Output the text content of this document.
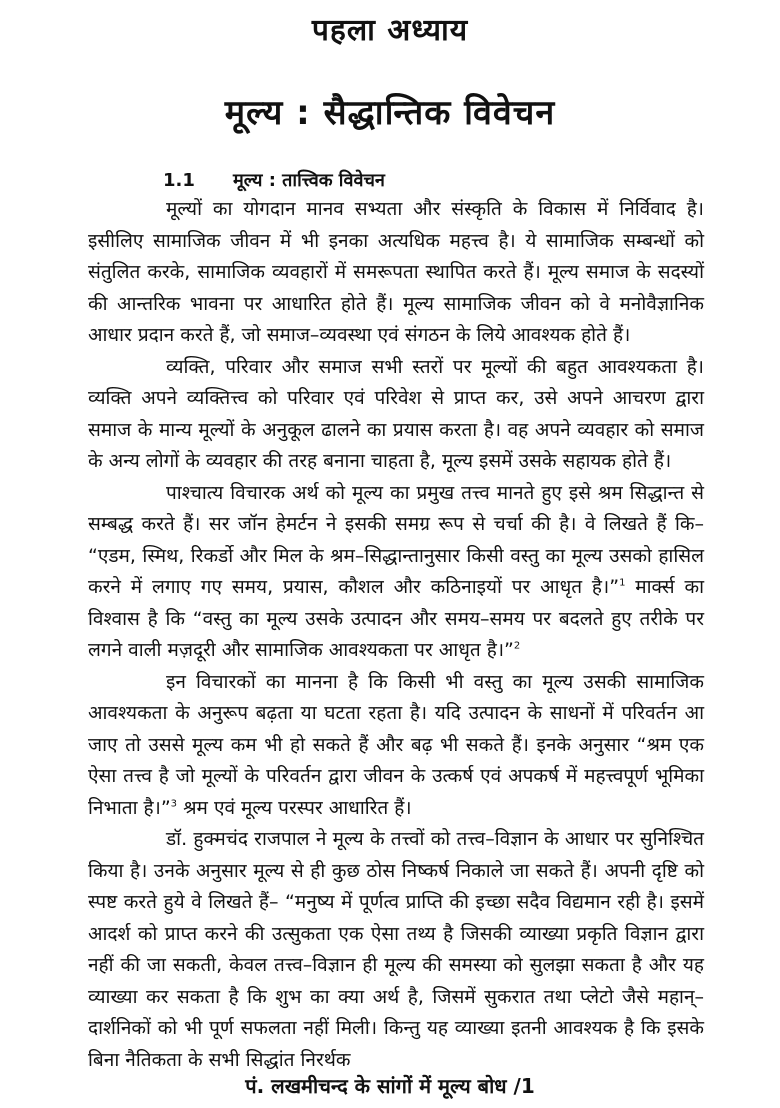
पहला अध्याय
मूल्य : सैद्धान्तिक विवेचन
1.1 मूल्य : तात्त्विक विवेचन

मूल्यों का योगदान मानव सभ्यता और संस्कृति के विकास में निर्विवाद है। इसीलिए सामाजिक जीवन में भी इनका अत्यधिक महत्त्व है। ये सामाजिक सम्बन्धों को संतुलित करके, सामाजिक व्यवहारों में समरूपता स्थापित करते हैं। मूल्य समाज के सदस्यों की आन्तरिक भावना पर आधारित होते हैं। मूल्य सामाजिक जीवन को वे मनोवैज्ञानिक आधार प्रदान करते हैं, जो समाज–व्यवस्था एवं संगठन के लिये आवश्यक होते हैं।

व्यक्ति, परिवार और समाज सभी स्तरों पर मूल्यों की बहुत आवश्यकता है। व्यक्ति अपने व्यक्तित्त्व को परिवार एवं परिवेश से प्राप्त कर, उसे अपने आचरण द्वारा समाज के मान्य मूल्यों के अनुकूल ढालने का प्रयास करता है। वह अपने व्यवहार को समाज के अन्य लोगों के व्यवहार की तरह बनाना चाहता है, मूल्य इसमें उसके सहायक होते हैं।

पाश्चात्य विचारक अर्थ को मूल्य का प्रमुख तत्त्व मानते हुए इसे श्रम सिद्धान्त से सम्बद्ध करते हैं। सर जॉन हेमर्टन ने इसकी समग्र रूप से चर्चा की है। वे लिखते हैं कि– “एडम, स्मिथ, रिकर्डो और मिल के श्रम–सिद्धान्तानुसार किसी वस्तु का मूल्य उसको हासिल करने में लगाए गए समय, प्रयास, कौशल और कठिनाइयों पर आधृत है।”$^1$ मार्क्स का विश्वास है कि “वस्तु का मूल्य उसके उत्पादन और समय–समय पर बदलते हुए तरीके पर लगने वाली मज़दूरी और सामाजिक आवश्यकता पर आधृत है।”$^2$

इन विचारकों का मानना है कि किसी भी वस्तु का मूल्य उसकी सामाजिक आवश्यकता के अनुरूप बढ़ता या घटता रहता है। यदि उत्पादन के साधनों में परिवर्तन आ जाए तो उससे मूल्य कम भी हो सकते हैं और बढ़ भी सकते हैं। इनके अनुसार “श्रम एक ऐसा तत्त्व है जो मूल्यों के परिवर्तन द्वारा जीवन के उत्कर्ष एवं अपकर्ष में महत्त्वपूर्ण भूमिका निभाता है।”$^3$ श्रम एवं मूल्य परस्पर आधारित हैं।

डॉ. हुक्मचंद राजपाल ने मूल्य के तत्त्वों को तत्त्व–विज्ञान के आधार पर सुनिश्चित किया है। उनके अनुसार मूल्य से ही कुछ ठोस निष्कर्ष निकाले जा सकते हैं। अपनी दृष्टि को स्पष्ट करते हुये वे लिखते हैं– “मनुष्य में पूर्णत्व प्राप्ति की इच्छा सदैव विद्यमान रही है। इसमें आदर्श को प्राप्त करने की उत्सुकता एक ऐसा तथ्य है जिसकी व्याख्या प्रकृति विज्ञान द्वारा नहीं की जा सकती, केवल तत्त्व–विज्ञान ही मूल्य की समस्या को सुलझा सकता है और यह व्याख्या कर सकता है कि शुभ का क्या अर्थ है, जिसमें सुकरात तथा प्लेटो जैसे महान्–दार्शनिकों को भी पूर्ण सफलता नहीं मिली। किन्तु यह व्याख्या इतनी आवश्यक है कि इसके बिना नैतिकता के सभी सिद्धांत निरर्थक

पं. लखमीचन्द के सांगों में मूल्य बोध /1
